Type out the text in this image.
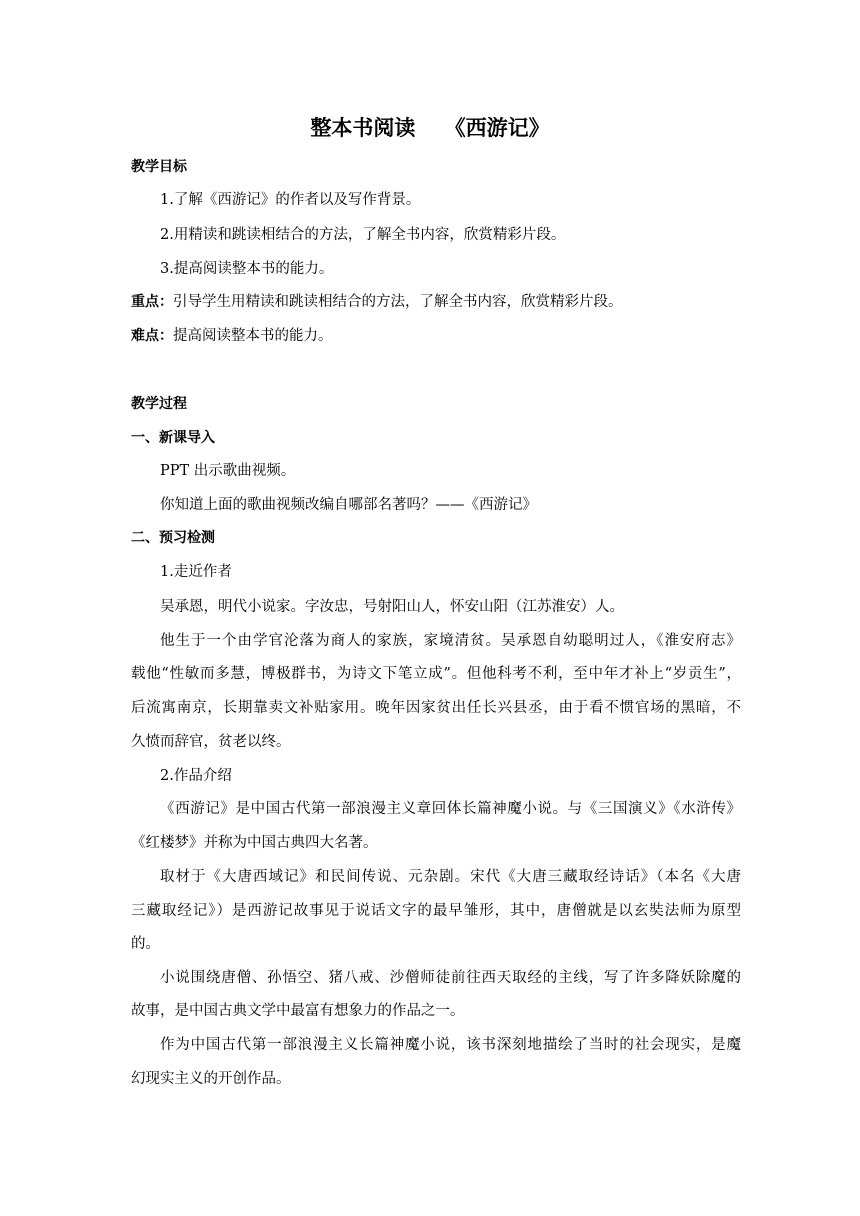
整本书阅读    《西游记》
教学目标
1.了解《西游记》的作者以及写作背景。
2.用精读和跳读相结合的方法，了解全书内容，欣赏精彩片段。
3.提高阅读整本书的能力。
重点：引导学生用精读和跳读相结合的方法，了解全书内容，欣赏精彩片段。
难点：提高阅读整本书的能力。
教学过程
一、新课导入
PPT 出示歌曲视频。
你知道上面的歌曲视频改编自哪部名著吗？——《西游记》
二、预习检测
1.走近作者
吴承恩，明代小说家。字汝忠，号射阳山人，怀安山阳（江苏淮安）人。
他生于一个由学官沦落为商人的家族，家境清贫。吴承恩自幼聪明过人，《淮安府志》
载他“性敏而多慧，博极群书，为诗文下笔立成”。但他科考不利，至中年才补上“岁贡生”，
后流寓南京，长期靠卖文补贴家用。晚年因家贫出任长兴县丞，由于看不惯官场的黑暗，不
久愤而辞官，贫老以终。
2.作品介绍
《西游记》是中国古代第一部浪漫主义章回体长篇神魔小说。与《三国演义》《水浒传》
《红楼梦》并称为中国古典四大名著。
取材于《大唐西域记》和民间传说、元杂剧。宋代《大唐三藏取经诗话》（本名《大唐
三藏取经记》）是西游记故事见于说话文字的最早雏形，其中，唐僧就是以玄奘法师为原型
的。
小说围绕唐僧、孙悟空、猪八戒、沙僧师徒前往西天取经的主线，写了许多降妖除魔的
故事，是中国古典文学中最富有想象力的作品之一。
作为中国古代第一部浪漫主义长篇神魔小说，该书深刻地描绘了当时的社会现实，是魔
幻现实主义的开创作品。
